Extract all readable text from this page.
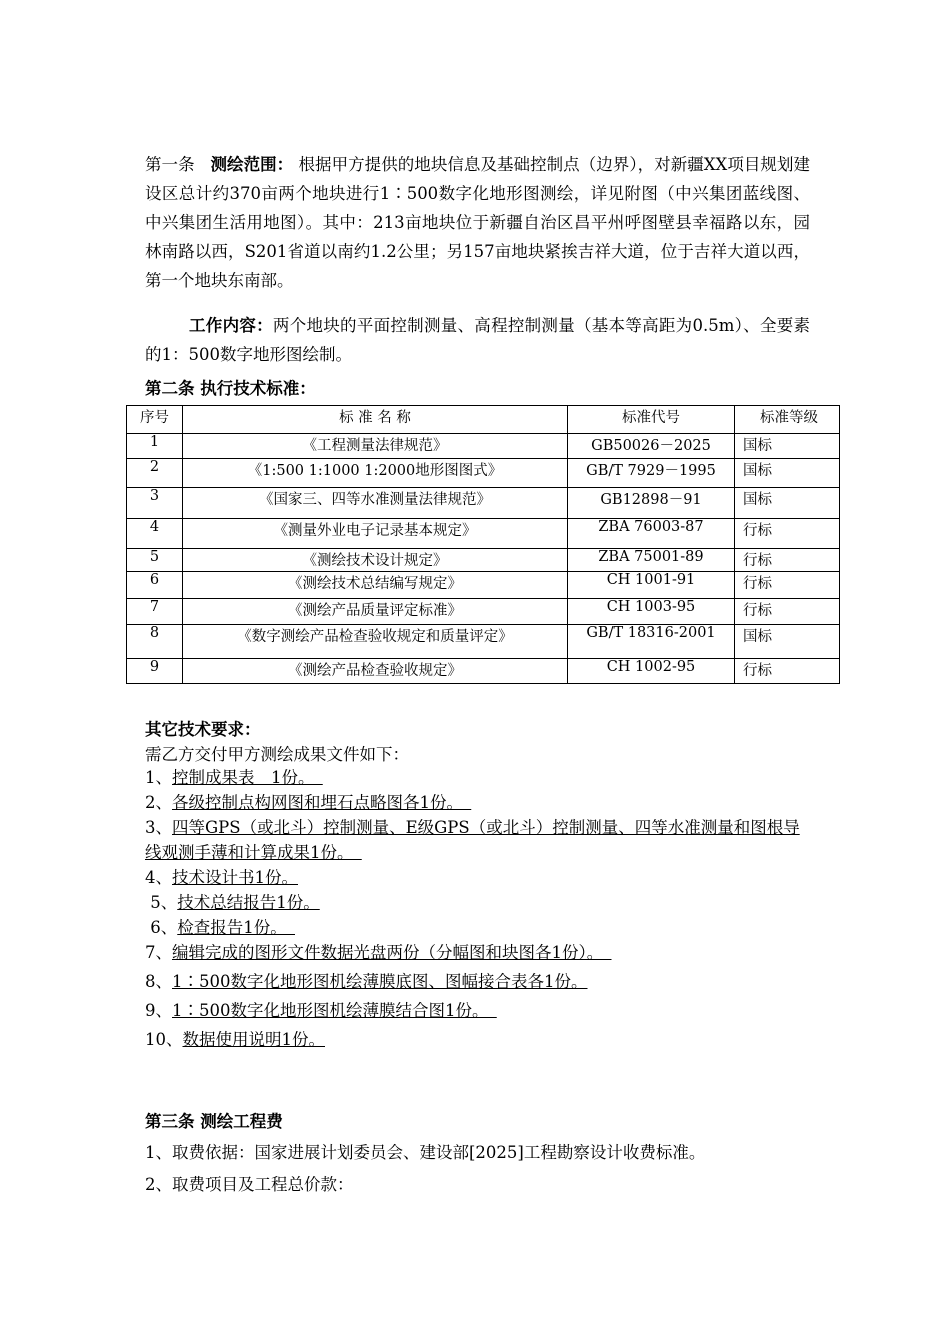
第一条 测绘范围： 根据甲方提供的地块信息及基础控制点（边界），对新疆XX项目规划建设区总计约370亩两个地块进行1∶500数字化地形图测绘，详见附图（中兴集团蓝线图、中兴集团生活用地图）。其中：213亩地块位于新疆自治区昌平州呼图壁县幸福路以东，园林南路以西，S201省道以南约1.2公里；另157亩地块紧挨吉祥大道，位于吉祥大道以西，第一个地块东南部。
工作内容：两个地块的平面控制测量、高程控制测量（基本等高距为0.5m）、全要素的1：500数字地形图绘制。
第二条 执行技术标准：
序号	标 准 名 称	标准代号	标准等级
1	《工程测量法律规范》	GB50026－2025	国标
2	《1:500 1:1000 1:2000地形图图式》	GB/T 7929－1995	国标
3	《国家三、四等水准测量法律规范》	GB12898－91	国标
4	《测量外业电子记录基本规定》	ZBA 76003-87	行标
5	《测绘技术设计规定》	ZBA 75001-89	行标
6	《测绘技术总结编写规定》	CH 1001-91	行标
7	《测绘产品质量评定标准》	CH 1003-95	行标
8	《数字测绘产品检查验收规定和质量评定》	GB/T 18316-2001	国标
9	《测绘产品检查验收规定》	CH 1002-95	行标
其它技术要求：
需乙方交付甲方测绘成果文件如下：
1、控制成果表　1份。　
2、各级控制点构网图和埋石点略图各1份。　
3、四等GPS（或北斗）控制测量、E级GPS（或北斗）控制测量、四等水准测量和图根导线观测手薄和计算成果1份。　
4、技术设计书1份。
5、技术总结报告1份。
6、检查报告1份。　
7、编辑完成的图形文件数据光盘两份（分幅图和块图各1份）。　
8、1∶500数字化地形图机绘薄膜底图、图幅接合表各1份。
9、1∶500数字化地形图机绘薄膜结合图1份。　
10、数据使用说明1份。
第三条 测绘工程费
1、取费依据：国家进展计划委员会、建设部[2025]工程勘察设计收费标准。
2、取费项目及工程总价款：
